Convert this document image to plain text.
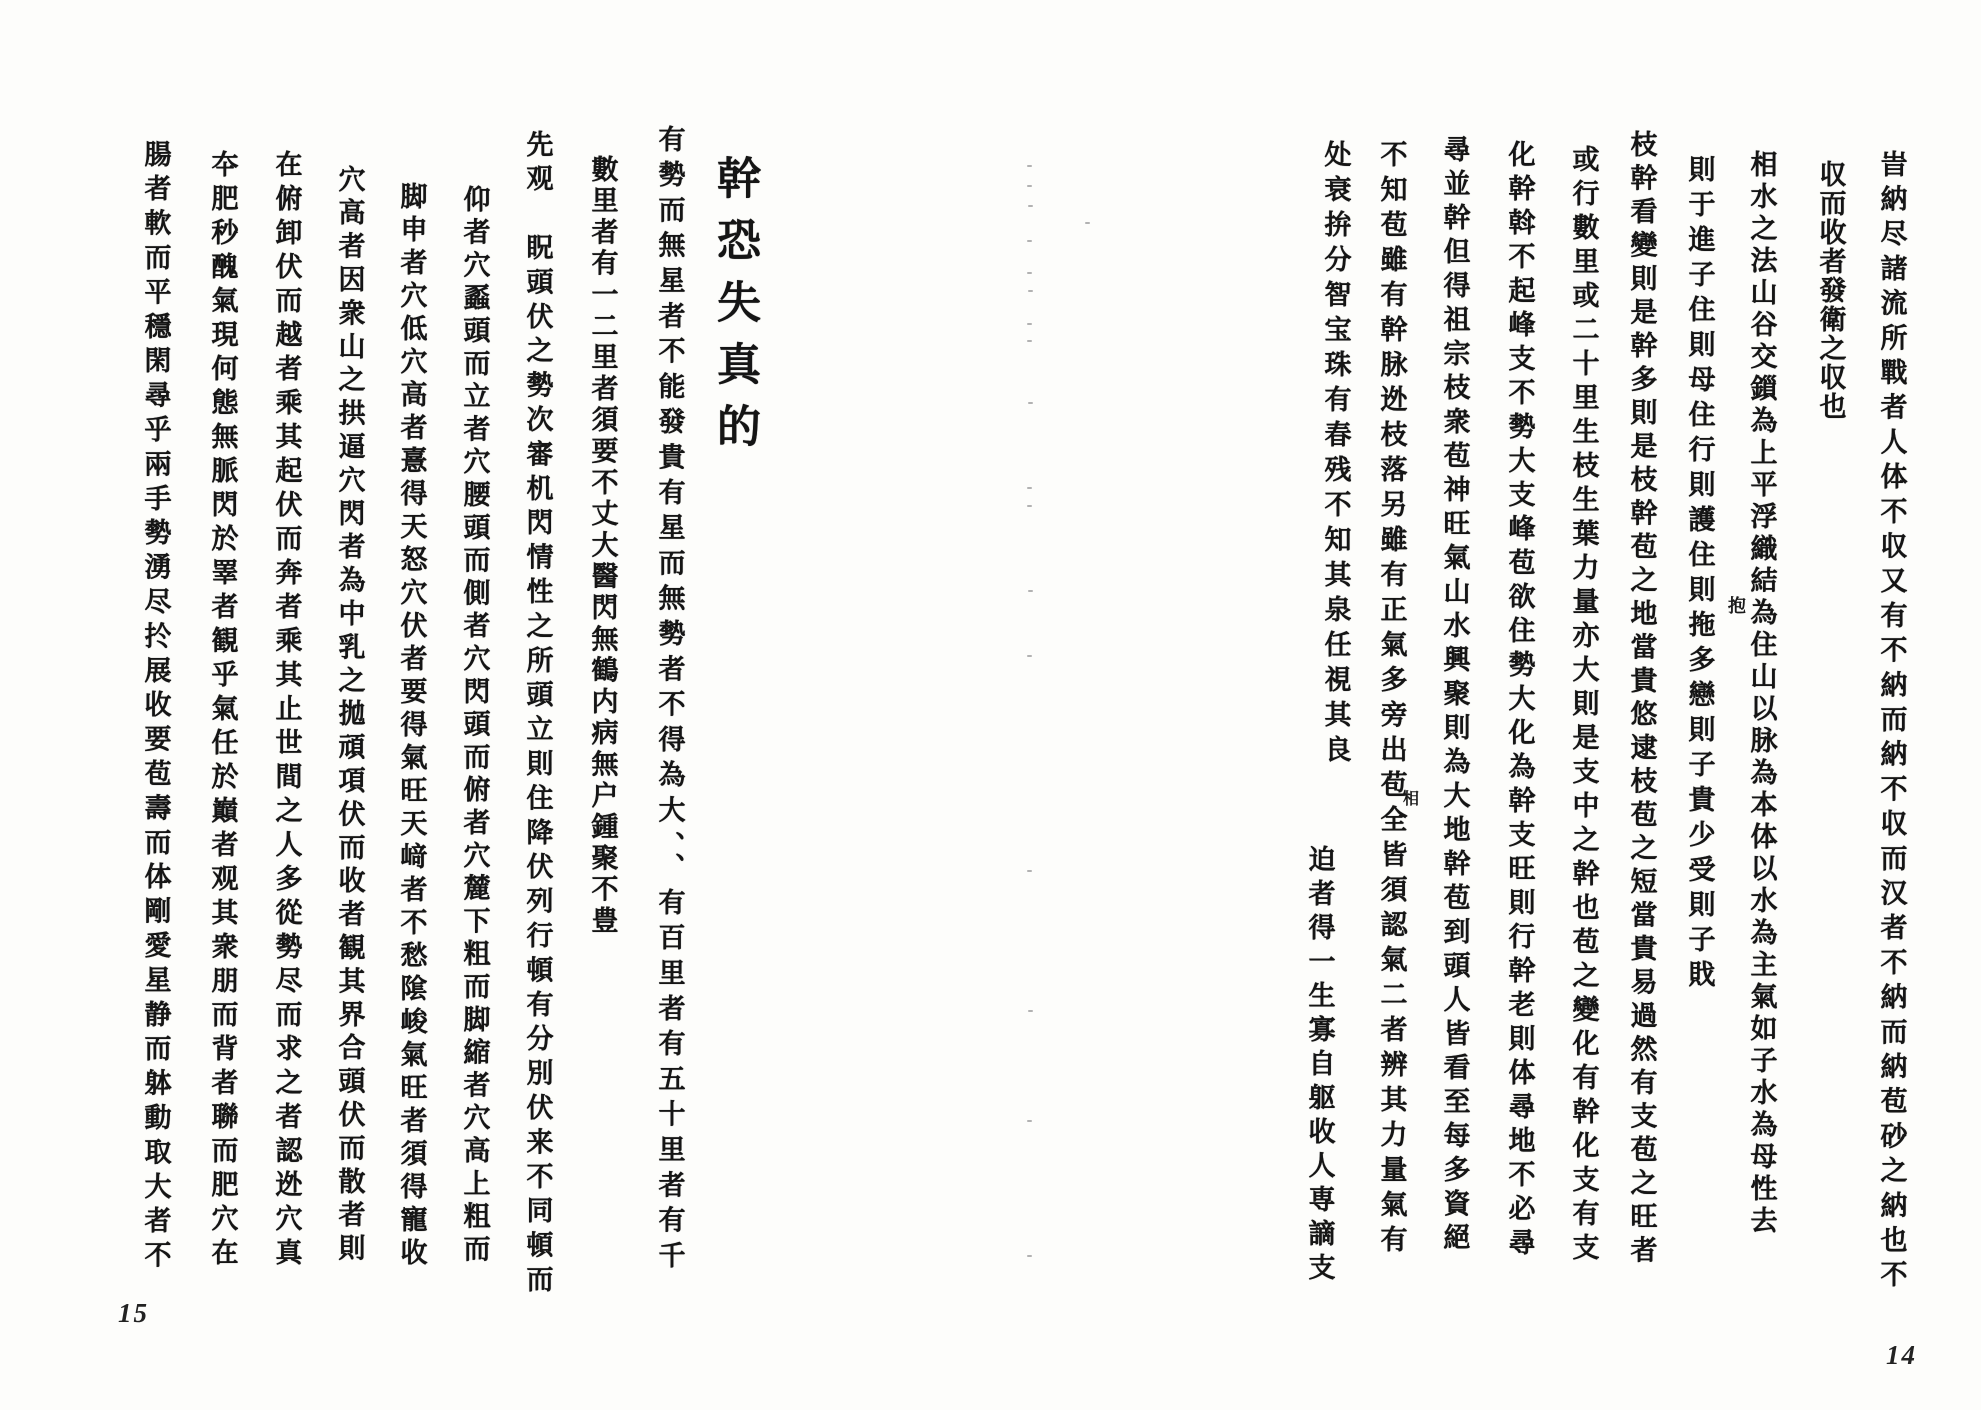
幹恐失真的
有勢而無星者不能發貴有星而無勢者不得為大、、有百里者有五十里者有千
數里者有一二里者須要不丈大醫閃無鶴内病無户鍾聚不豊
先观　眖頭伏之勢次審机閃情性之所頭立則住降伏列行頓有分別伏来不同頓而
仰者穴蟸頭而立者穴腰頭而側者穴閃頭而俯者穴麓下粗而脚縮者穴高上粗而
脚申者穴低穴高者憙得天怒穴伏者要得氣旺天﨑者不愁隂峻氣旺者須得寵收
穴高者因衆山之拱逼穴閃者為中乳之拋頑項伏而收者観其界合頭伏而散者則
在俯卸伏而越者乘其起伏而奔者乘其止世間之人多從勢尽而求之者認迯穴真
夲肥秒醜氣現何態無脈閃於睪者観乎氣任於巔者观其衆朋而背者聯而肥穴在
腸者軟而平穩閑尋乎兩手勢湧尽扵展收要苞壽而体剛愛星静而躰動取大者不	旹納尽諸流所戰者人体不収又有不納而納不収而汉者不納而納苞砂之納也不
収而收者發衛之収也
相水之法山谷交鎻為上平浮織結為住山以脉為本体以水為主氣如子水為母性去
則于進子住則母住行則護住則拖多戀則子貴少受則子戝
枝幹看變則是幹多則是枝幹苞之地當貴悠逮枝苞之短當貴易過然有支苞之旺者
或行數里或二十里生枝生葉力量亦大則是支中之幹也苞之變化有幹化支有支
化幹斡不起峰支不勢大支峰苞欲住勢大化為幹支旺則行幹老則体尋地不必尋
尋並幹但得祖宗枝衆苞神旺氣山水興聚則為大地幹苞到頭人皆看至每多資絕
不知苞雖有幹脉迯枝落另雖有正氣多旁出苞全皆須認氣二者辨其力量氣有
处衰拚分智宝珠有春残不知其泉任視其良
迫者得一生寡自躯收人専謫支
抱
相
15
14
